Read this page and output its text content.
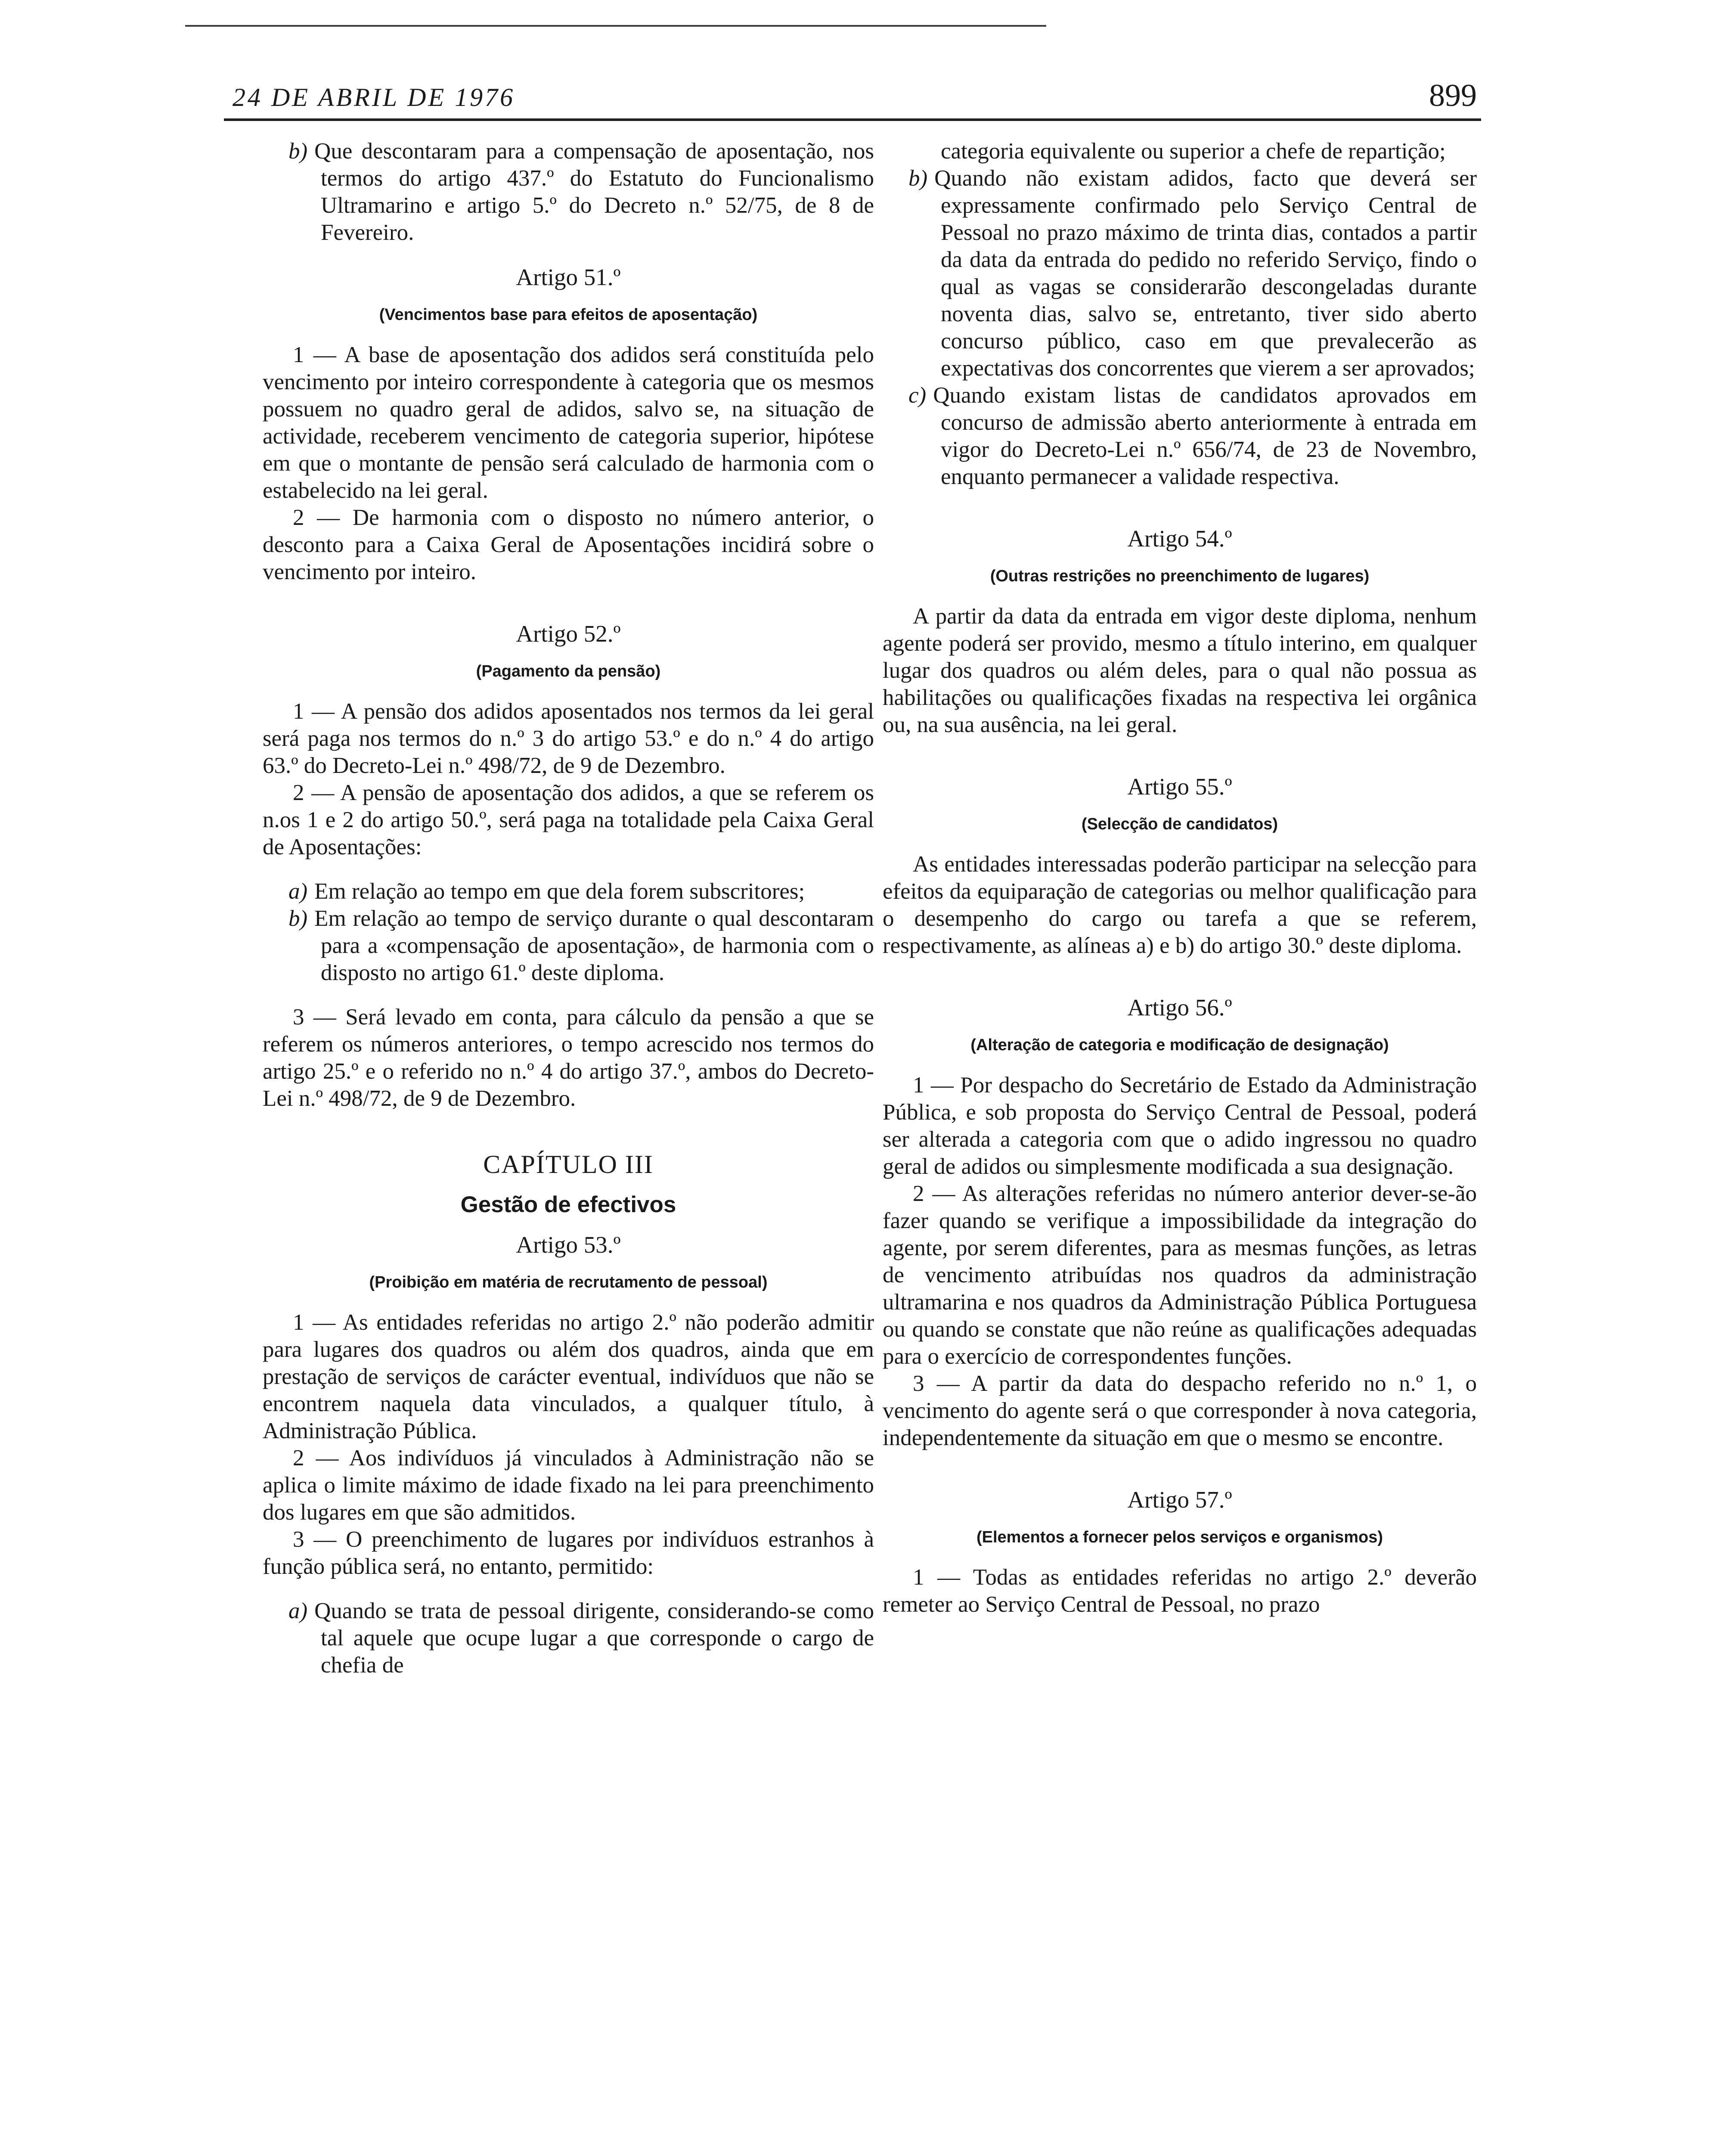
24 DE ABRIL DE 1976	899

b) Que descontaram para a compensação de aposentação, nos termos do artigo 437.º do Estatuto do Funcionalismo Ultramarino e artigo 5.º do Decreto n.º 52/75, de 8 de Fevereiro.

Artigo 51.º

(Vencimentos base para efeitos de aposentação)

1 — A base de aposentação dos adidos será constituída pelo vencimento por inteiro correspondente à categoria que os mesmos possuem no quadro geral de adidos, salvo se, na situação de actividade, receberem vencimento de categoria superior, hipótese em que o montante de pensão será calculado de harmonia com o estabelecido na lei geral.

2 — De harmonia com o disposto no número anterior, o desconto para a Caixa Geral de Aposentações incidirá sobre o vencimento por inteiro.

Artigo 52.º

(Pagamento da pensão)

1 — A pensão dos adidos aposentados nos termos da lei geral será paga nos termos do n.º 3 do artigo 53.º e do n.º 4 do artigo 63.º do Decreto-Lei n.º 498/72, de 9 de Dezembro.

2 — A pensão de aposentação dos adidos, a que se referem os n.os 1 e 2 do artigo 50.º, será paga na totalidade pela Caixa Geral de Aposentações:

a) Em relação ao tempo em que dela forem subscritores;

b) Em relação ao tempo de serviço durante o qual descontaram para a «compensação de aposentação», de harmonia com o disposto no artigo 61.º deste diploma.

3 — Será levado em conta, para cálculo da pensão a que se referem os números anteriores, o tempo acrescido nos termos do artigo 25.º e o referido no n.º 4 do artigo 37.º, ambos do Decreto-Lei n.º 498/72, de 9 de Dezembro.

CAPÍTULO III

Gestão de efectivos

Artigo 53.º

(Proibição em matéria de recrutamento de pessoal)

1 — As entidades referidas no artigo 2.º não poderão admitir para lugares dos quadros ou além dos quadros, ainda que em prestação de serviços de carácter eventual, indivíduos que não se encontrem naquela data vinculados, a qualquer título, à Administração Pública.

2 — Aos indivíduos já vinculados à Administração não se aplica o limite máximo de idade fixado na lei para preenchimento dos lugares em que são admitidos.

3 — O preenchimento de lugares por indivíduos estranhos à função pública será, no entanto, permitido:

a) Quando se trata de pessoal dirigente, considerando-se como tal aquele que ocupe lugar a que corresponde o cargo de chefia de

categoria equivalente ou superior a chefe de repartição;

b) Quando não existam adidos, facto que deverá ser expressamente confirmado pelo Serviço Central de Pessoal no prazo máximo de trinta dias, contados a partir da data da entrada do pedido no referido Serviço, findo o qual as vagas se considerarão descongeladas durante noventa dias, salvo se, entretanto, tiver sido aberto concurso público, caso em que prevalecerão as expectativas dos concorrentes que vierem a ser aprovados;

c) Quando existam listas de candidatos aprovados em concurso de admissão aberto anteriormente à entrada em vigor do Decreto-Lei n.º 656/74, de 23 de Novembro, enquanto permanecer a validade respectiva.

Artigo 54.º

(Outras restrições no preenchimento de lugares)

A partir da data da entrada em vigor deste diploma, nenhum agente poderá ser provido, mesmo a título interino, em qualquer lugar dos quadros ou além deles, para o qual não possua as habilitações ou qualificações fixadas na respectiva lei orgânica ou, na sua ausência, na lei geral.

Artigo 55.º

(Selecção de candidatos)

As entidades interessadas poderão participar na selecção para efeitos da equiparação de categorias ou melhor qualificação para o desempenho do cargo ou tarefa a que se referem, respectivamente, as alíneas a) e b) do artigo 30.º deste diploma.

Artigo 56.º

(Alteração de categoria e modificação de designação)

1 — Por despacho do Secretário de Estado da Administração Pública, e sob proposta do Serviço Central de Pessoal, poderá ser alterada a categoria com que o adido ingressou no quadro geral de adidos ou simplesmente modificada a sua designação.

2 — As alterações referidas no número anterior dever-se-ão fazer quando se verifique a impossibilidade da integração do agente, por serem diferentes, para as mesmas funções, as letras de vencimento atribuídas nos quadros da administração ultramarina e nos quadros da Administração Pública Portuguesa ou quando se constate que não reúne as qualificações adequadas para o exercício de correspondentes funções.

3 — A partir da data do despacho referido no n.º 1, o vencimento do agente será o que corresponder à nova categoria, independentemente da situação em que o mesmo se encontre.

Artigo 57.º

(Elementos a fornecer pelos serviços e organismos)

1 — Todas as entidades referidas no artigo 2.º deverão remeter ao Serviço Central de Pessoal, no prazo
